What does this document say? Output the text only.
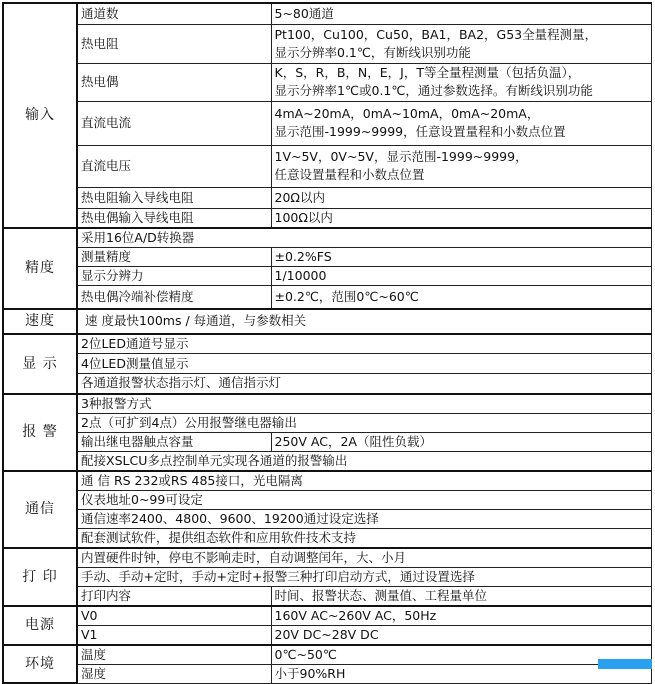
输入	通道数	5~80通道

	热电阻	Pt100，Cu100，Cu50，BA1，BA2，G53全量程测量，
显示分辨率0.1℃，有断线识别功能

	热电偶	K，S，R，B，N，E，J，T等全量程测量（包括负温），
显示分辨率1℃或0.1℃，通过参数选择。有断线识别功能

	直流电流	4mA~20mA，0mA~10mA，0mA~20mA，
显示范围-1999~9999，任意设置量程和小数点位置

	直流电压	1V~5V，0V~5V，显示范围-1999~9999，
任意设置量程和小数点位置

	热电阻输入导线电阻	20Ω以内

	热电偶输入导线电阻	100Ω以内

精度	采用16位A/D转换器	
	测量精度	±0.2%FS

	显示分辨力	1/10000

	热电偶冷端补偿精度	±0.2℃，范围0℃~60℃

速度	速 度最快100ms / 每通道，与参数相关	
显 示	2位LED通道号显示	
	4位LED测量值显示	
	各通道报警状态指示灯、通信指示灯	
报 警	3种报警方式	
	2点（可扩到4点）公用报警继电器输出	
	输出继电器触点容量	250V AC，2A（阻性负载）

	配接XSLCU多点控制单元实现各通道的报警输出	
通信	通 信 RS 232或RS 485接口，光电隔离	
	仪表地址0~99可设定	
	通信速率2400、4800、9600、19200通过设定选择	
	配套测试软件，提供组态软件和应用软件技术支持	
打 印	内置硬件时钟，停电不影响走时，自动调整闰年，大、小月	
	手动、手动+定时，手动+定时+报警三种打印启动方式，通过设置选择	
	打印内容	时间、报警状态、测量值、工程量单位

电源	V0	160V AC~260V AC，50Hz

	V1	20V DC~28V DC

环境	温度	0℃~50℃

	湿度	小于90%RH
